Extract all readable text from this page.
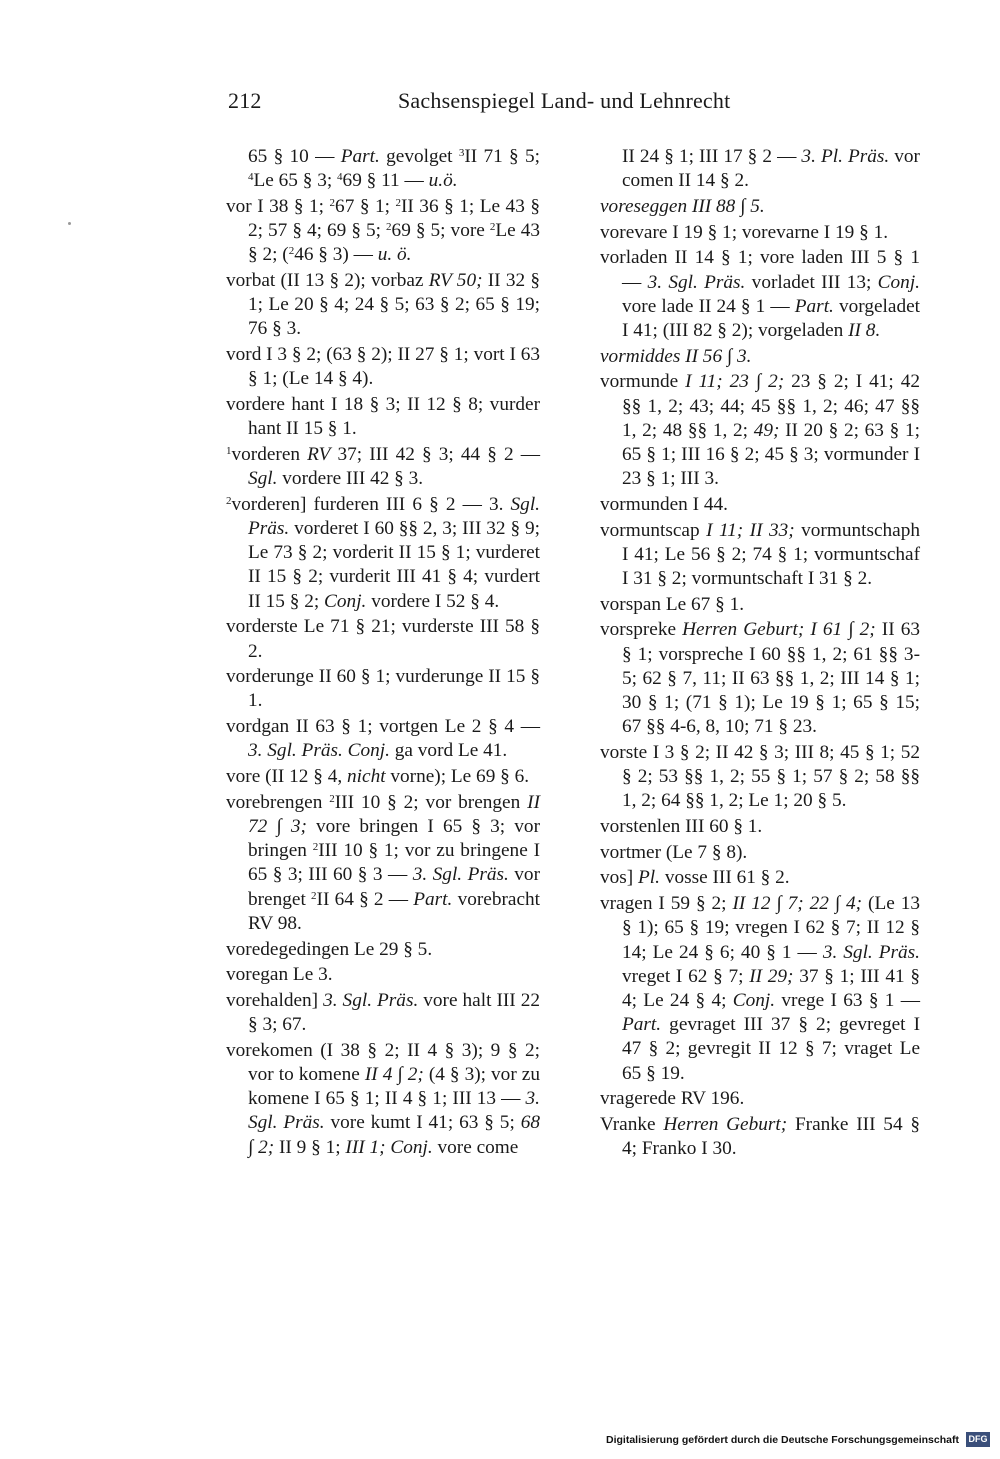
212	Sachsenspiegel Land- und Lehnrecht
65 § 10 — Part. gevolget $^3$II 71 § 5; $^4$Le 65 § 3; $^4$69 § 11 — u.ö.
vor I 38 § 1; $^2$67 § 1; $^2$II 36 § 1; Le 43 § 2; 57 § 4; 69 § 5; $^2$69 § 5; vore $^2$Le 43 § 2; ($^2$46 § 3) — u. ö.
vorbat (II 13 § 2); vorbaz RV 50; II 32 § 1; Le 20 § 4; 24 § 5; 63 § 2; 65 § 19; 76 § 3.
vord I 3 § 2; (63 § 2); II 27 § 1; vort I 63 § 1; (Le 14 § 4).
vordere hant I 18 § 3; II 12 § 8; vurder hant II 15 § 1.
$^1$vorderen RV 37; III 42 § 3; 44 § 2 — Sgl. vordere III 42 § 3.
$^2$vorderen] furderen III 6 § 2 — 3. Sgl. Präs. vorderet I 60 §§ 2, 3; III 32 § 9; Le 73 § 2; vorderit II 15 § 1; vurderet II 15 § 2; vurderit III 41 § 4; vurdert II 15 § 2; Conj. vordere I 52 § 4.
vorderste Le 71 § 21; vurderste III 58 § 2.
vorderunge II 60 § 1; vurderunge II 15 § 1.
vordgan II 63 § 1; vortgen Le 2 § 4 — 3. Sgl. Präs. Conj. ga vord Le 41.
vore (II 12 § 4, nicht vorne); Le 69 § 6.
vorebrengen $^2$III 10 § 2; vor brengen II 72 ∫ 3; vore bringen I 65 § 3; vor bringen $^2$III 10 § 1; vor zu bringene I 65 § 3; III 60 § 3 — 3. Sgl. Präs. vor brenget $^2$II 64 § 2 — Part. vorebracht RV 98.
voredegedingen Le 29 § 5.
voregan Le 3.
vorehalden] 3. Sgl. Präs. vore halt III 22 § 3; 67.
vorekomen (I 38 § 2; II 4 § 3); 9 § 2; vor to komene II 4 ∫ 2; (4 § 3); vor zu komene I 65 § 1; II 4 § 1; III 13 — 3. Sgl. Präs. vore kumt I 41; 63 § 5; 68 ∫ 2; II 9 § 1; III 1; Conj. vore come
II 24 § 1; III 17 § 2 — 3. Pl. Präs. vor comen II 14 § 2.
voreseggen III 88 ∫ 5.
vorevare I 19 § 1; vorevarne I 19 § 1.
vorladen II 14 § 1; vore laden III 5 § 1 — 3. Sgl. Präs. vorladet III 13; Conj. vore lade II 24 § 1 — Part. vorgeladet I 41; (III 82 § 2); vorgeladen II 8.
vormiddes II 56 ∫ 3.
vormunde I 11; 23 ∫ 2; 23 § 2; I 41; 42 §§ 1, 2; 43; 44; 45 §§ 1, 2; 46; 47 §§ 1, 2; 48 §§ 1, 2; 49; II 20 § 2; 63 § 1; 65 § 1; III 16 § 2; 45 § 3; vormunder I 23 § 1; III 3.
vormunden I 44.
vormuntscap I 11; II 33; vormuntschaph I 41; Le 56 § 2; 74 § 1; vormuntschaf I 31 § 2; vormuntschaft I 31 § 2.
vorspan Le 67 § 1.
vorspreke Herren Geburt; I 61 ∫ 2; II 63 § 1; vorspreche I 60 §§ 1, 2; 61 §§ 3-5; 62 § 7, 11; II 63 §§ 1, 2; III 14 § 1; 30 § 1; (71 § 1); Le 19 § 1; 65 § 15; 67 §§ 4-6, 8, 10; 71 § 23.
vorste I 3 § 2; II 42 § 3; III 8; 45 § 1; 52 § 2; 53 §§ 1, 2; 55 § 1; 57 § 2; 58 §§ 1, 2; 64 §§ 1, 2; Le 1; 20 § 5.
vorstenlen III 60 § 1.
vortmer (Le 7 § 8).
vos] Pl. vosse III 61 § 2.
vragen I 59 § 2; II 12 ∫ 7; 22 ∫ 4; (Le 13 § 1); 65 § 19; vregen I 62 § 7; II 12 § 14; Le 24 § 6; 40 § 1 — 3. Sgl. Präs. vreget I 62 § 7; II 29; 37 § 1; III 41 § 4; Le 24 § 4; Conj. vrege I 63 § 1 — Part. gevraget III 37 § 2; gevreget I 47 § 2; gevregit II 12 § 7; vraget Le 65 § 19.
vragerede RV 196.
Vranke Herren Geburt; Franke III 54 § 4; Franko I 30.
Digitalisierung gefördert durch die Deutsche Forschungsgemeinschaft DFG
